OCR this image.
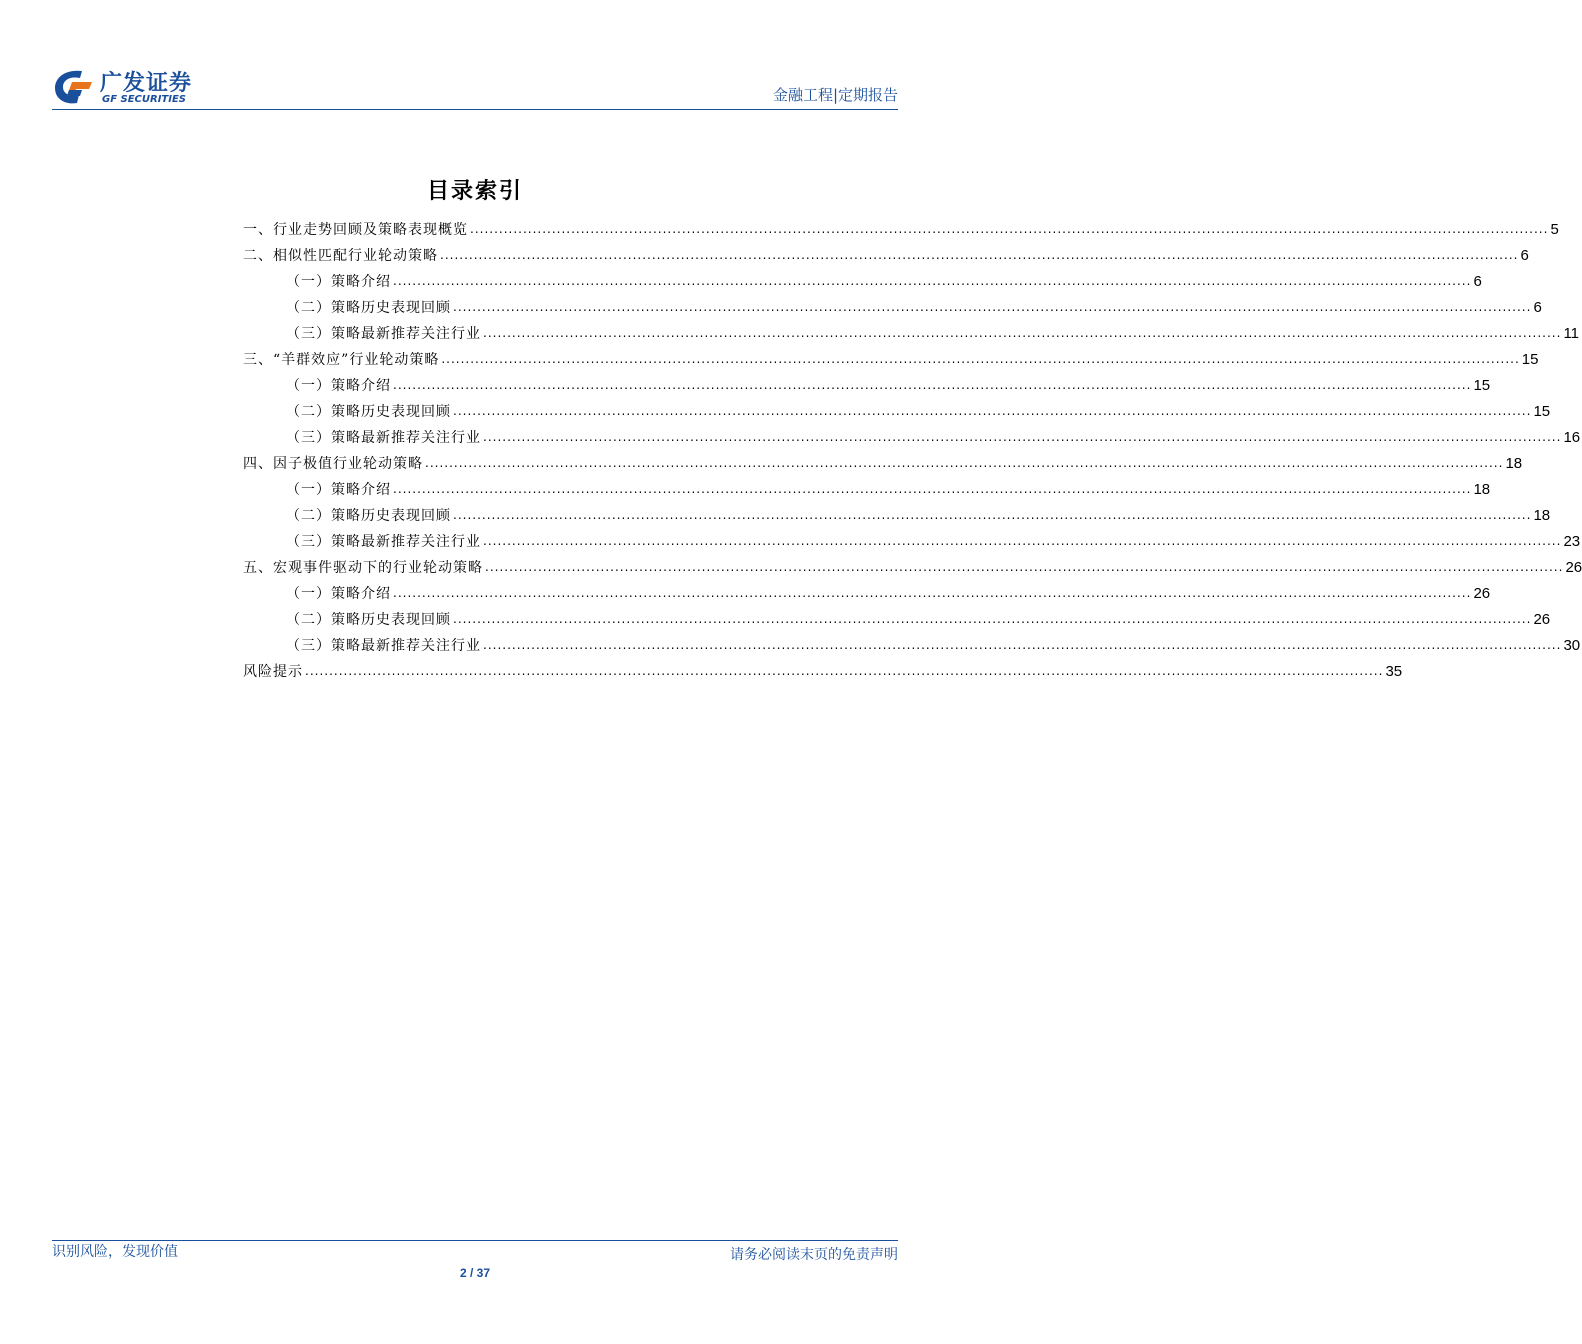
广发证券
GF SECURITIES	金融工程|定期报告
目录索引
一、行业走势回顾及策略表现概览 .....	5
二、相似性匹配行业轮动策略 .....	6
（一）策略介绍 .....	6
（二）策略历史表现回顾 .....	6
（三）策略最新推荐关注行业 .....	11
三、“羊群效应”行业轮动策略 .....	15
（一）策略介绍 .....	15
（二）策略历史表现回顾 .....	15
（三）策略最新推荐关注行业 .....	16
四、因子极值行业轮动策略 .....	18
（一）策略介绍 .....	18
（二）策略历史表现回顾 .....	18
（三）策略最新推荐关注行业 .....	23
五、宏观事件驱动下的行业轮动策略 .....	26
（一）策略介绍 .....	26
（二）策略历史表现回顾 .....	26
（三）策略最新推荐关注行业 .....	30
风险提示 .....	35
识别风险，发现价值	请务必阅读末页的免责声明
2 / 37
